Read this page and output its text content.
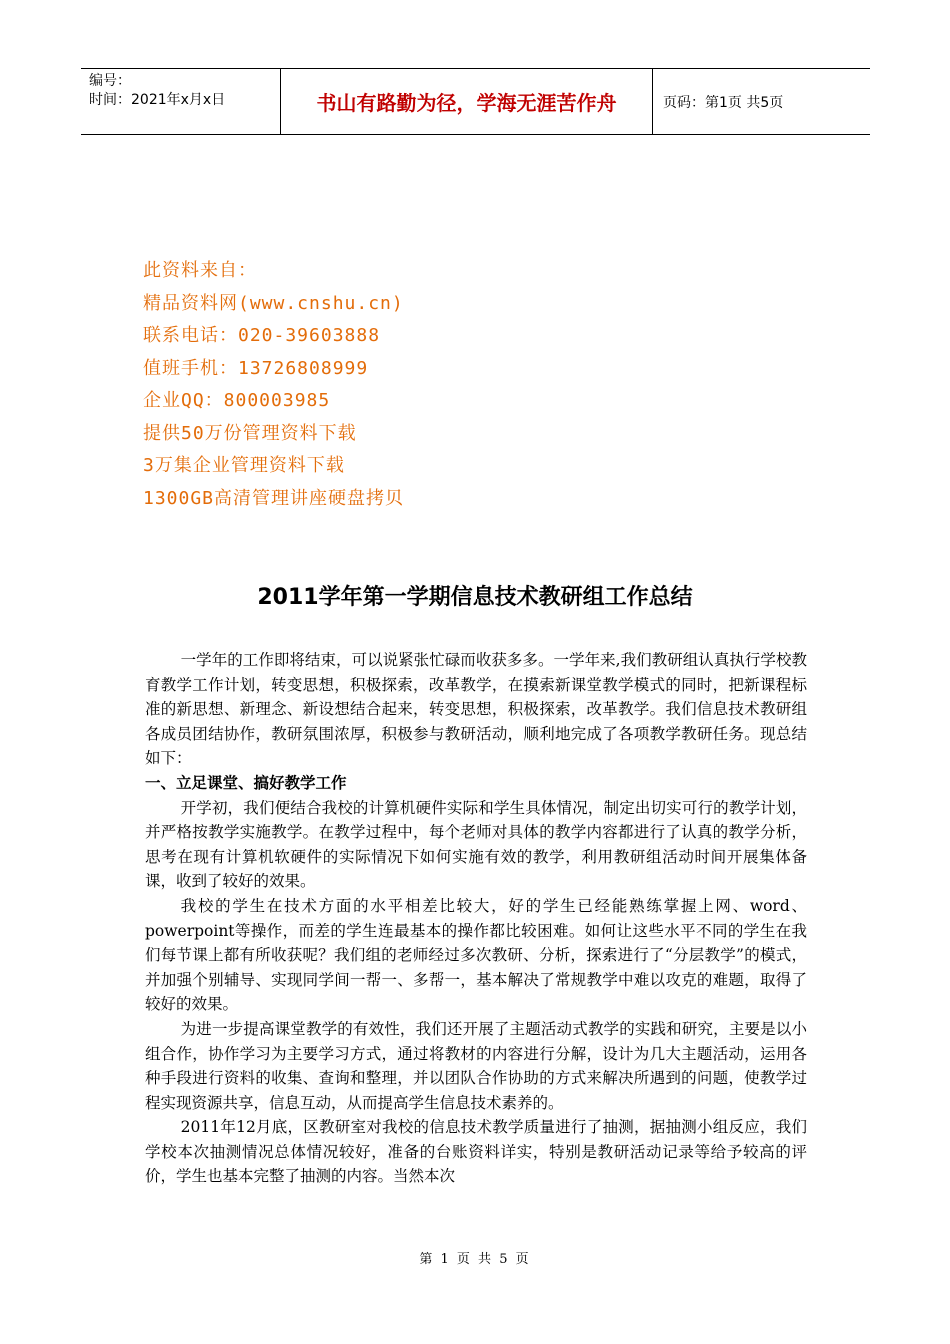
编号：
时间：2021年x月x日	书山有路勤为径，学海无涯苦作舟	页码：第1页 共5页
此资料来自：
精品资料网(www.cnshu.cn)
联系电话：020-39603888
值班手机：13726808999
企业QQ：800003985
提供50万份管理资料下载
3万集企业管理资料下载
1300GB高清管理讲座硬盘拷贝
2011学年第一学期信息技术教研组工作总结

一学年的工作即将结束，可以说紧张忙碌而收获多多。一学年来,我们教研组认真执行学校教育教学工作计划，转变思想，积极探索，改革教学，在摸索新课堂教学模式的同时，把新课程标准的新思想、新理念、新设想结合起来，转变思想，积极探索，改革教学。我们信息技术教研组各成员团结协作，教研氛围浓厚，积极参与教研活动，顺利地完成了各项教学教研任务。现总结如下：

一、立足课堂、搞好教学工作

开学初，我们便结合我校的计算机硬件实际和学生具体情况，制定出切实可行的教学计划，并严格按教学实施教学。在教学过程中，每个老师对具体的教学内容都进行了认真的教学分析，思考在现有计算机软硬件的实际情况下如何实施有效的教学，利用教研组活动时间开展集体备课，收到了较好的效果。

我校的学生在技术方面的水平相差比较大，好的学生已经能熟练掌握上网、word、powerpoint等操作，而差的学生连最基本的操作都比较困难。如何让这些水平不同的学生在我们每节课上都有所收获呢？我们组的老师经过多次教研、分析，探索进行了“分层教学”的模式，并加强个别辅导、实现同学间一帮一、多帮一，基本解决了常规教学中难以攻克的难题，取得了较好的效果。

为进一步提高课堂教学的有效性，我们还开展了主题活动式教学的实践和研究，主要是以小组合作，协作学习为主要学习方式，通过将教材的内容进行分解，设计为几大主题活动，运用各种手段进行资料的收集、查询和整理，并以团队合作协助的方式来解决所遇到的问题，使教学过程实现资源共享，信息互动，从而提高学生信息技术素养的。

2011年12月底，区教研室对我校的信息技术教学质量进行了抽测，据抽测小组反应，我们学校本次抽测情况总体情况较好，准备的台账资料详实，特别是教研活动记录等给予较高的评价，学生也基本完整了抽测的内容。当然本次

第 1 页 共 5 页
